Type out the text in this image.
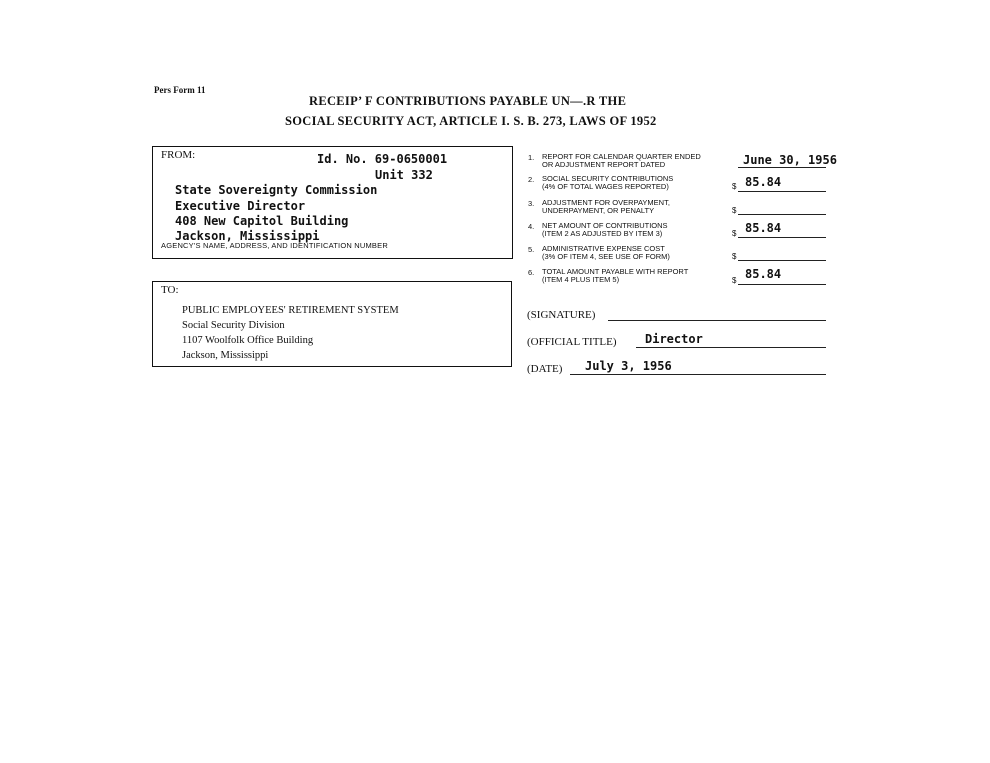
Pers Form 11
RECEIP’ F CONTRIBUTIONS PAYABLE UN—.R THE
SOCIAL SECURITY ACT, ARTICLE I. S. B. 273, LAWS OF 1952
FROM:	Id. No. 69-0650001
Unit 332
State Sovereignty Commission
Executive Director
408 New Capitol Building
Jackson, Mississippi
AGENCY'S NAME, ADDRESS, AND IDENTIFICATION NUMBER
TO:
PUBLIC EMPLOYEES' RETIREMENT SYSTEM
Social Security Division
1107 Woolfolk Office Building
Jackson, Mississippi
1. REPORT FOR CALENDAR QUARTER ENDED
OR ADJUSTMENT REPORT DATED	June 30, 1956
2. SOCIAL SECURITY CONTRIBUTIONS
(4% OF TOTAL WAGES REPORTED)	$ 85.84
3. ADJUSTMENT FOR OVERPAYMENT,
UNDERPAYMENT, OR PENALTY	$
4. NET AMOUNT OF CONTRIBUTIONS
(ITEM 2 AS ADJUSTED BY ITEM 3)	$ 85.84
5. ADMINISTRATIVE EXPENSE COST
(3% OF ITEM 4, SEE USE OF FORM)	$
6. TOTAL AMOUNT PAYABLE WITH REPORT
(ITEM 4 PLUS ITEM 5)	$ 85.84
(SIGNATURE)
(OFFICIAL TITLE) Director
(DATE) July 3, 1956
